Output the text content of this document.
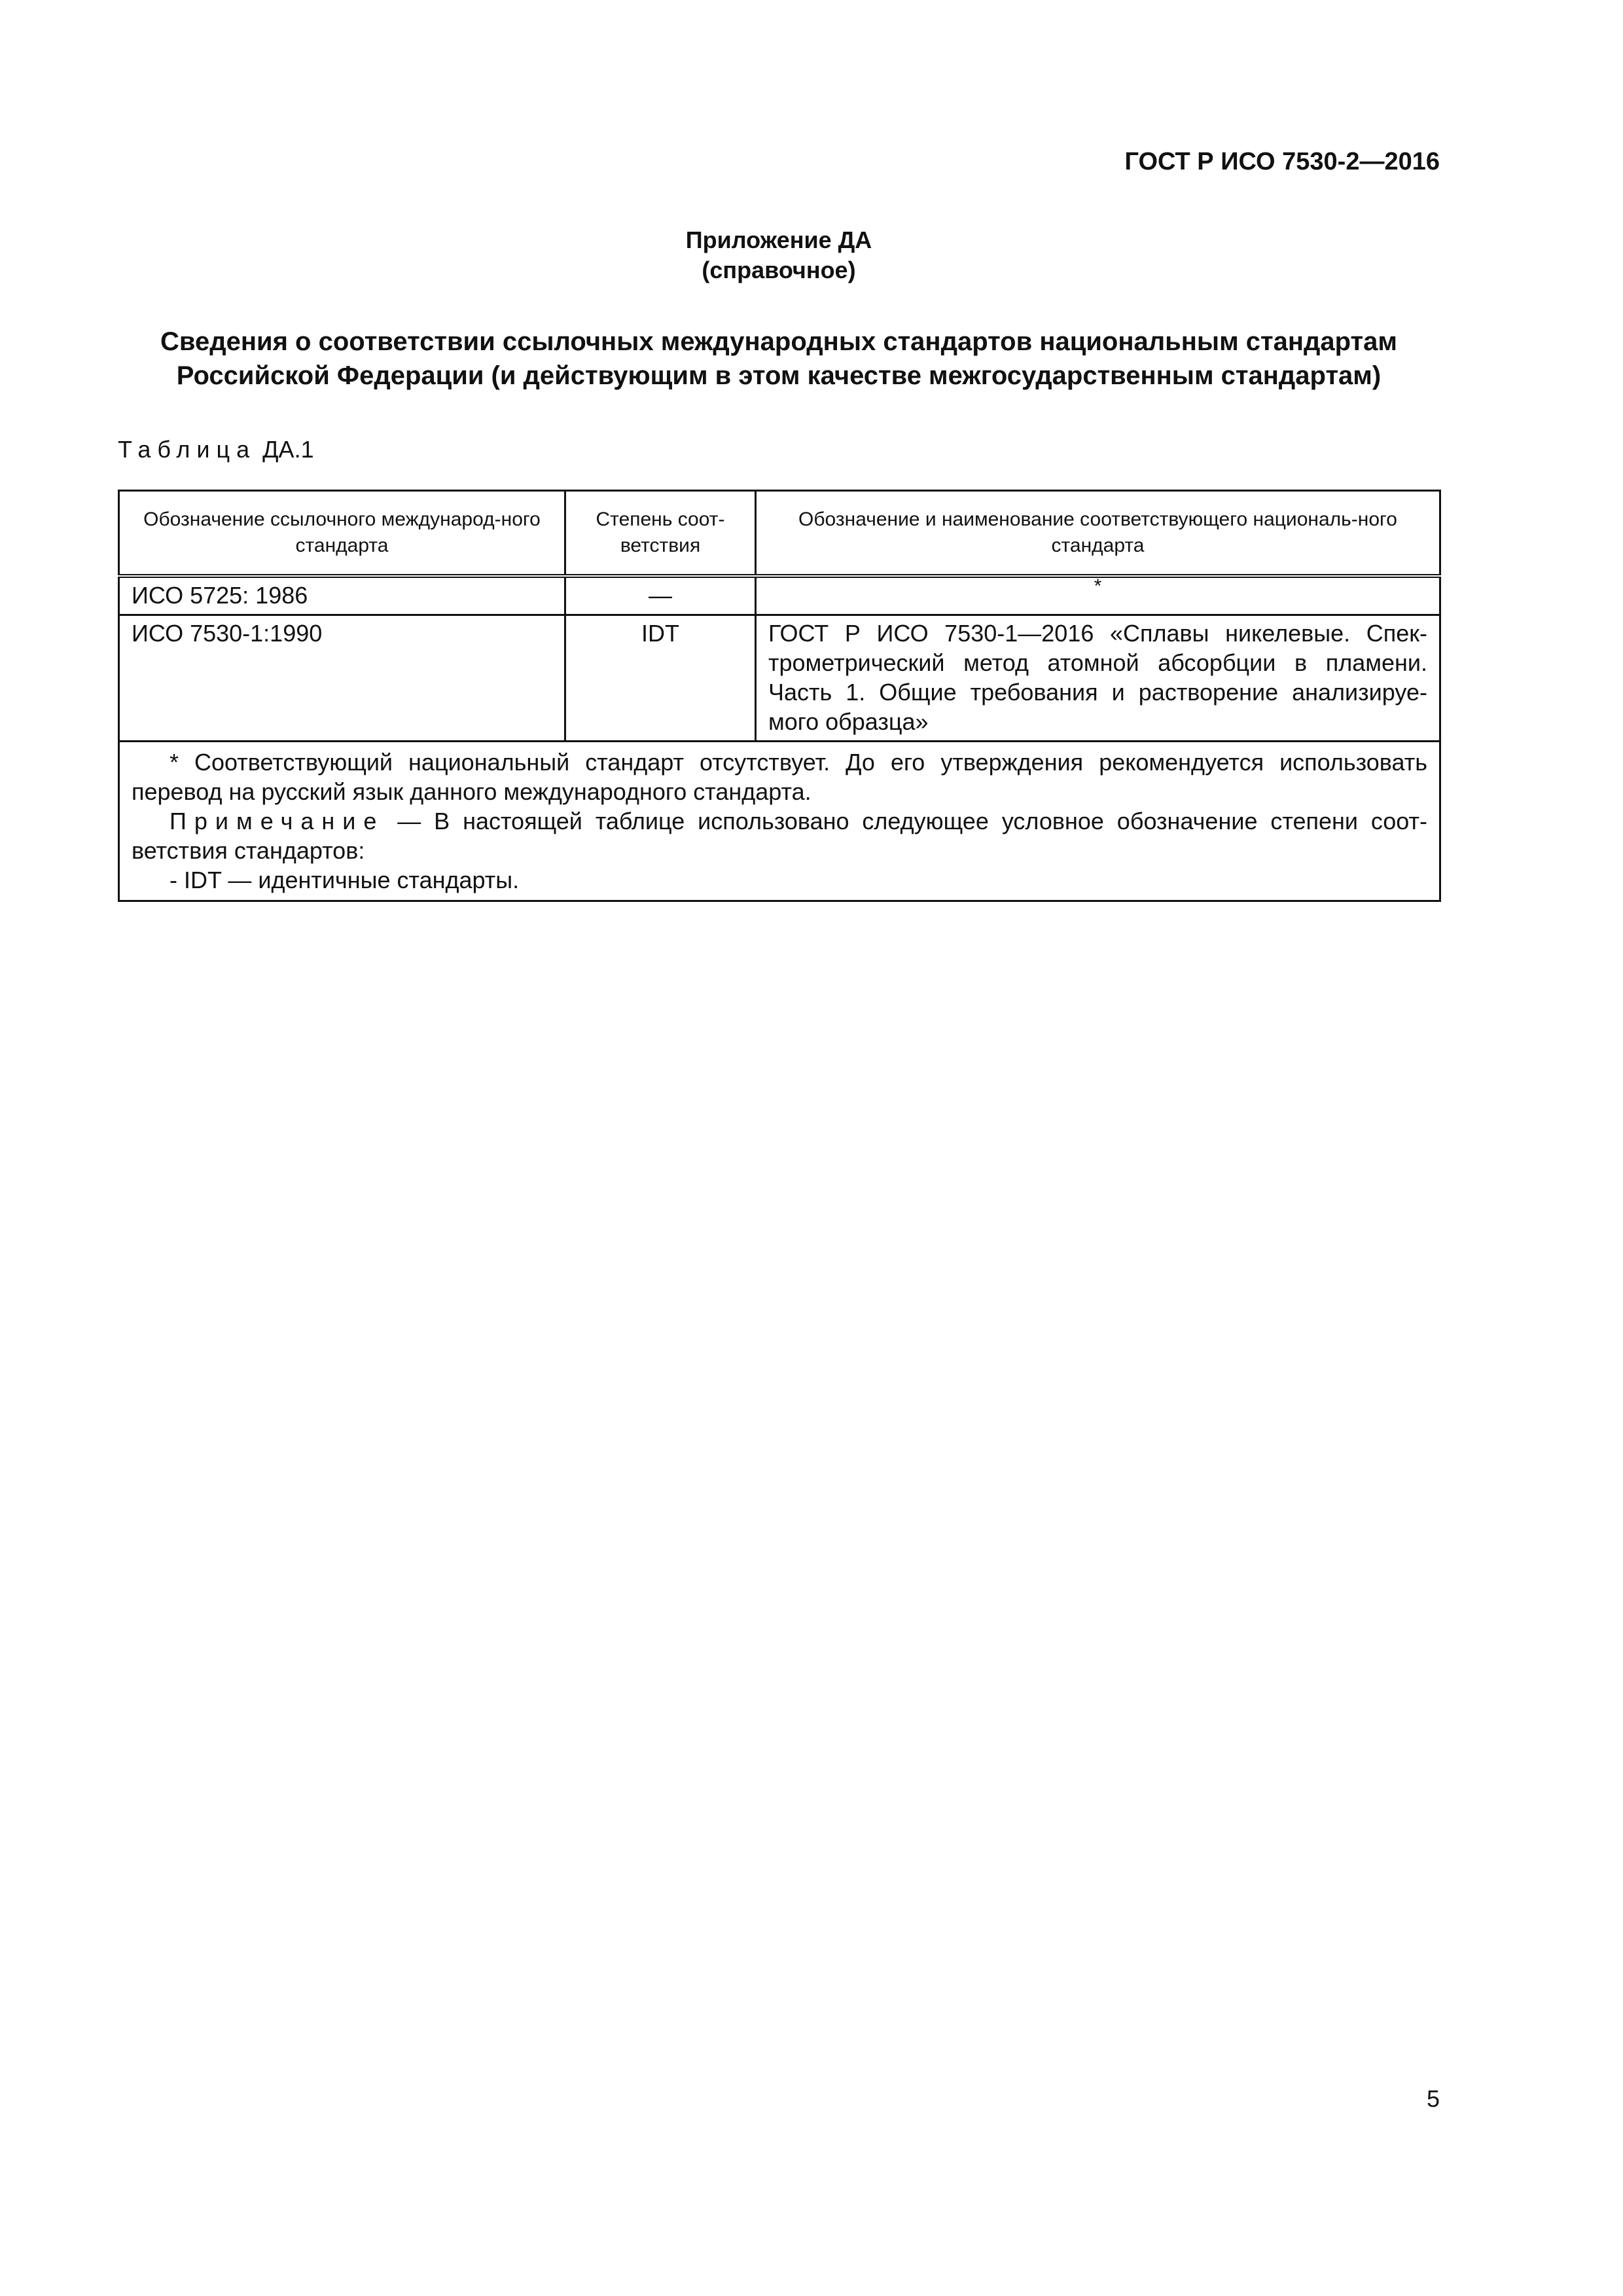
ГОСТ Р ИСО 7530-2—2016
Приложение ДА
(справочное)
Сведения о соответствии ссылочных международных стандартов национальным стандартам
Российской Федерации (и действующим в этом качестве межгосударственным стандартам)
Таблица ДА.1
Обозначение ссылочного международ-ного стандарта	Степень соот-ветствия	Обозначение и наименование соответствующего националь-ного стандарта
ИСО 5725: 1986	—	*
ИСО 7530-1:1990	IDT	ГОСТ Р ИСО 7530-1—2016 «Сплавы никелевые. Спек-трометрический метод атомной абсорбции в пламени. Часть 1. Общие требования и растворение анализируе-мого образца»

* Соответствующий национальный стандарт отсутствует. До его утверждения рекомендуется использовать перевод на русский язык данного международного стандарта.

Примечание — В настоящей таблице использовано следующее условное обозначение степени соот-ветствия стандартов:

- IDT — идентичные стандарты.		

5
